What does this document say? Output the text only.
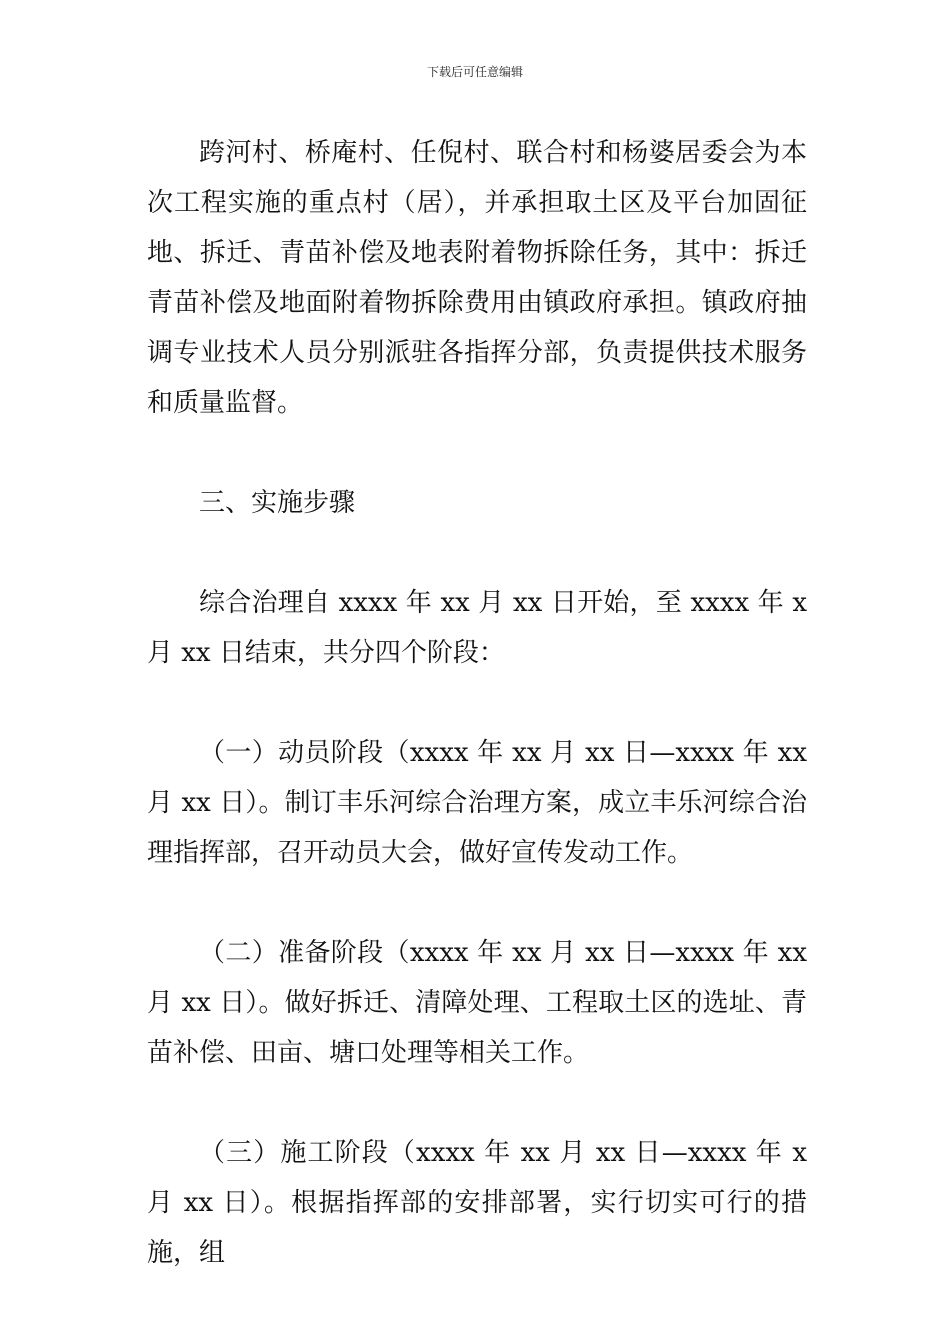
下载后可任意编辑

跨河村、桥庵村、任倪村、联合村和杨婆居委会为本次工程实施的重点村（居），并承担取土区及平台加固征地、拆迁、青苗补偿及地表附着物拆除任务，其中：拆迁青苗补偿及地面附着物拆除费用由镇政府承担。镇政府抽调专业技术人员分别派驻各指挥分部，负责提供技术服务和质量监督。

三、实施步骤

综合治理自 xxxx 年 xx 月 xx 日开始，至 xxxx 年 x 月 xx 日结束，共分四个阶段：

（一）动员阶段（xxxx 年 xx 月 xx 日—xxxx 年 xx 月 xx 日）。制订丰乐河综合治理方案，成立丰乐河综合治理指挥部，召开动员大会，做好宣传发动工作。

（二）准备阶段（xxxx 年 xx 月 xx 日—xxxx 年 xx 月 xx 日）。做好拆迁、清障处理、工程取土区的选址、青苗补偿、田亩、塘口处理等相关工作。

（三）施工阶段（xxxx 年 xx 月 xx 日—xxxx 年 x 月 xx 日）。根据指挥部的安排部署，实行切实可行的措施，组
